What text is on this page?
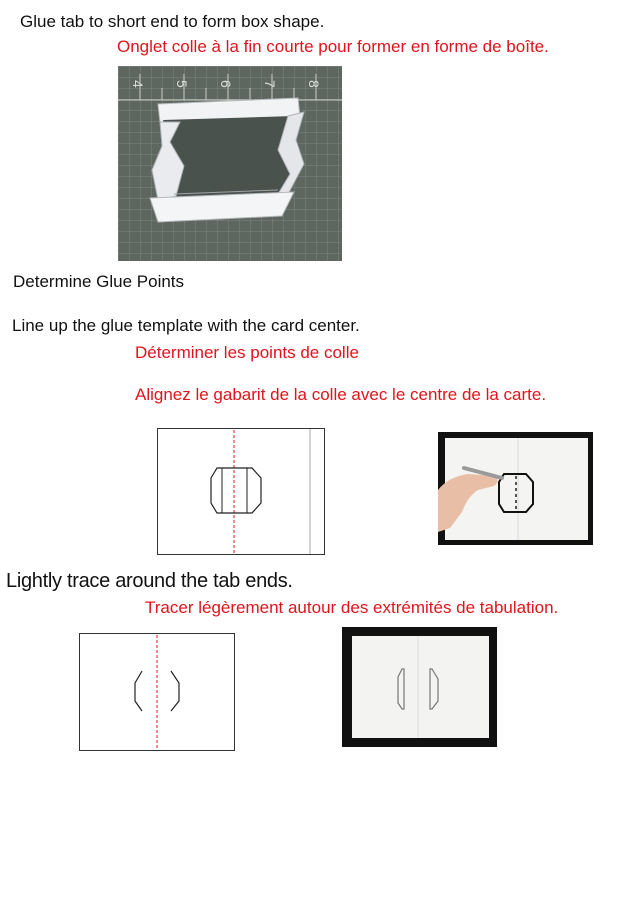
Glue tab to short end to form box shape.

Onglet colle à la fin courte pour former en forme de boîte.

4 5 6 7 8

Determine Glue Points

Line up the glue template with the card center.

Déterminer les points de colle

Alignez le gabarit de la colle avec le centre de la carte.

Lightly trace around the tab ends.

Tracer légèrement autour des extrémités de tabulation.
